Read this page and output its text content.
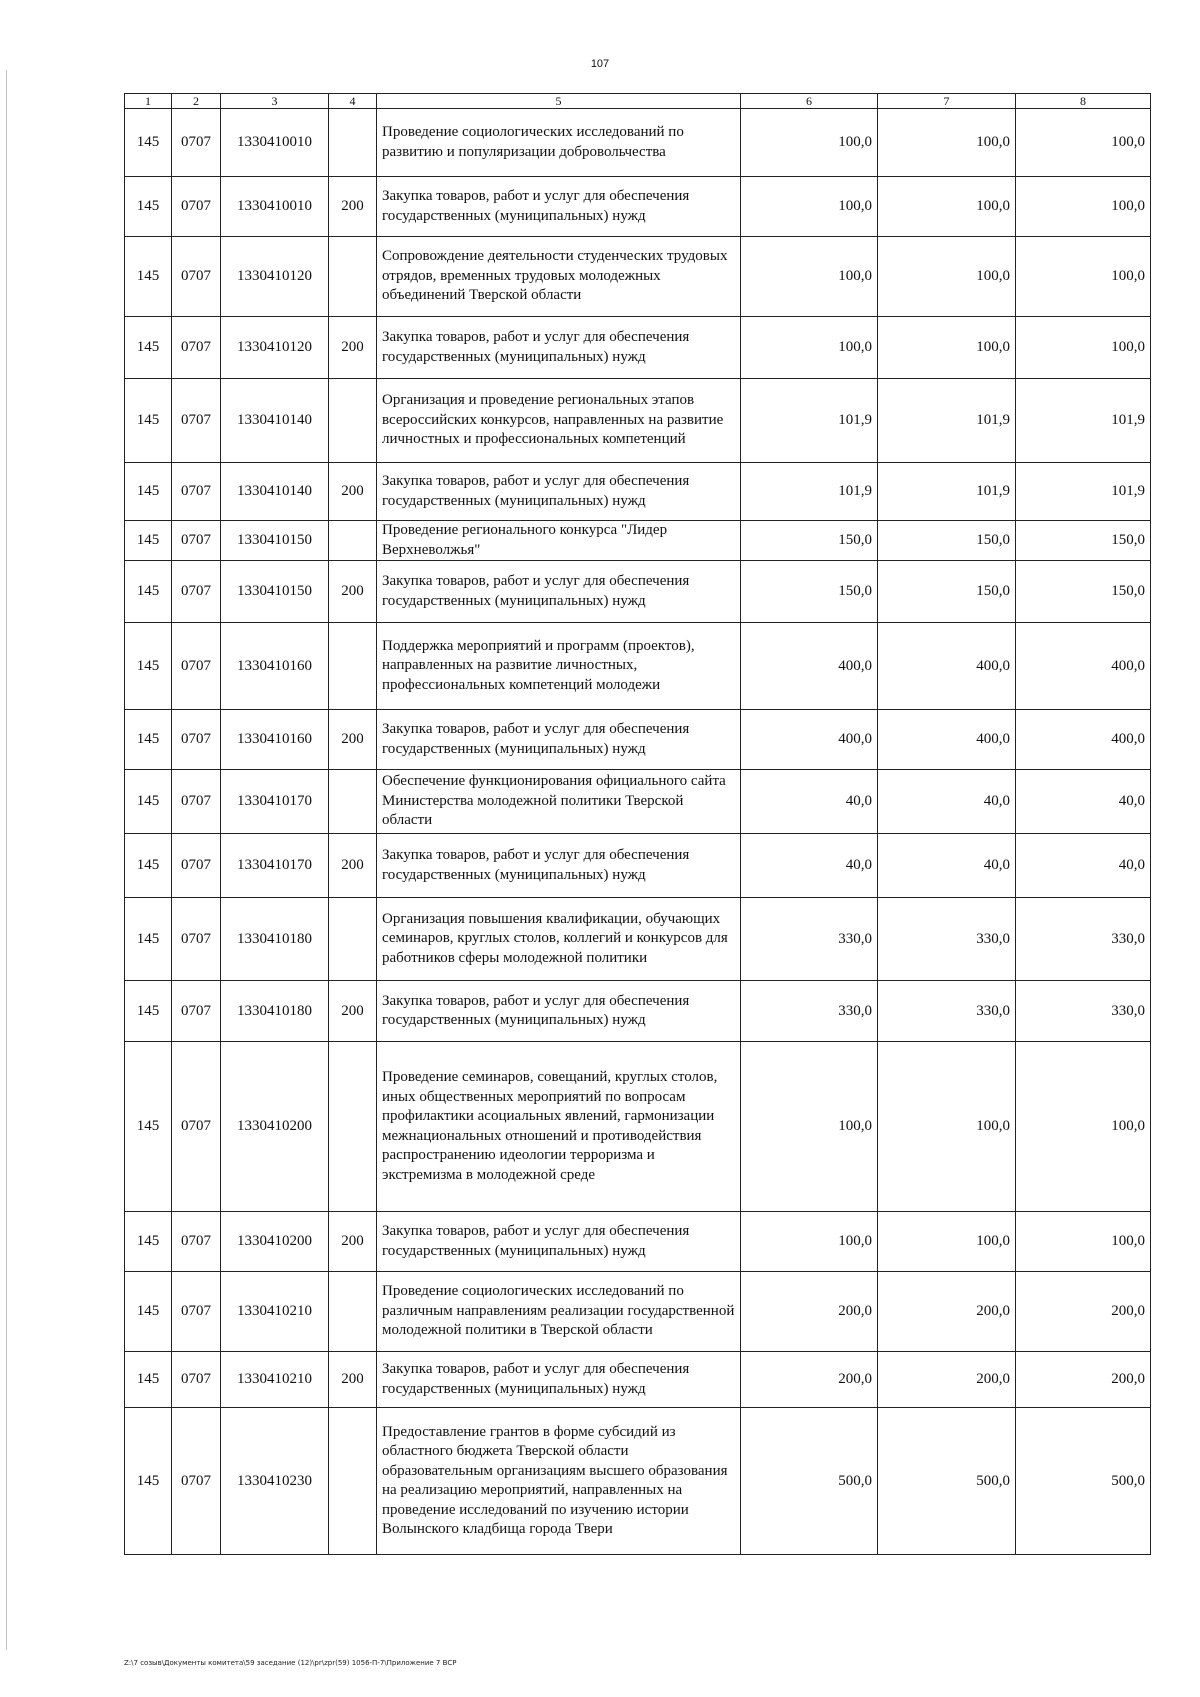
107
1	2	3	4	5	6	7	8
145	0707	1330410010		Проведение социологических исследований по развитию и популяризации добровольчества	100,0	100,0	100,0
145	0707	1330410010	200	Закупка товаров, работ и услуг для обеспечения государственных (муниципальных) нужд	100,0	100,0	100,0
145	0707	1330410120		Сопровождение деятельности студенческих трудовых отрядов, временных трудовых молодежных объединений Тверской области	100,0	100,0	100,0
145	0707	1330410120	200	Закупка товаров, работ и услуг для обеспечения государственных (муниципальных) нужд	100,0	100,0	100,0
145	0707	1330410140		Организация и проведение региональных этапов всероссийских конкурсов, направленных на развитие личностных и профессиональных компетенций	101,9	101,9	101,9
145	0707	1330410140	200	Закупка товаров, работ и услуг для обеспечения государственных (муниципальных) нужд	101,9	101,9	101,9
145	0707	1330410150		Проведение регионального конкурса "Лидер Верхневолжья"	150,0	150,0	150,0
145	0707	1330410150	200	Закупка товаров, работ и услуг для обеспечения государственных (муниципальных) нужд	150,0	150,0	150,0
145	0707	1330410160		Поддержка мероприятий и программ (проектов), направленных на развитие личностных, профессиональных компетенций молодежи	400,0	400,0	400,0
145	0707	1330410160	200	Закупка товаров, работ и услуг для обеспечения государственных (муниципальных) нужд	400,0	400,0	400,0
145	0707	1330410170		Обеспечение функционирования официального сайта Министерства молодежной политики Тверской области	40,0	40,0	40,0
145	0707	1330410170	200	Закупка товаров, работ и услуг для обеспечения государственных (муниципальных) нужд	40,0	40,0	40,0
145	0707	1330410180		Организация повышения квалификации, обучающих семинаров, круглых столов, коллегий и конкурсов для работников сферы молодежной политики	330,0	330,0	330,0
145	0707	1330410180	200	Закупка товаров, работ и услуг для обеспечения государственных (муниципальных) нужд	330,0	330,0	330,0
145	0707	1330410200		Проведение семинаров, совещаний, круглых столов, иных общественных мероприятий по вопросам профилактики асоциальных явлений, гармонизации межнациональных отношений и противодействия распространению идеологии терроризма и экстремизма в молодежной среде	100,0	100,0	100,0
145	0707	1330410200	200	Закупка товаров, работ и услуг для обеспечения государственных (муниципальных) нужд	100,0	100,0	100,0
145	0707	1330410210		Проведение социологических исследований по различным направлениям реализации государственной молодежной политики в Тверской области	200,0	200,0	200,0
145	0707	1330410210	200	Закупка товаров, работ и услуг для обеспечения государственных (муниципальных) нужд	200,0	200,0	200,0
145	0707	1330410230		Предоставление грантов в форме субсидий из областного бюджета Тверской области образовательным организациям высшего образования на реализацию мероприятий, направленных на проведение исследований по изучению истории Волынского кладбища города Твери	500,0	500,0	500,0
Z:\7 созыв\Документы комитета\59 заседание (12)\pr\zpr(59) 1056-П-7\Приложение 7 ВСР
